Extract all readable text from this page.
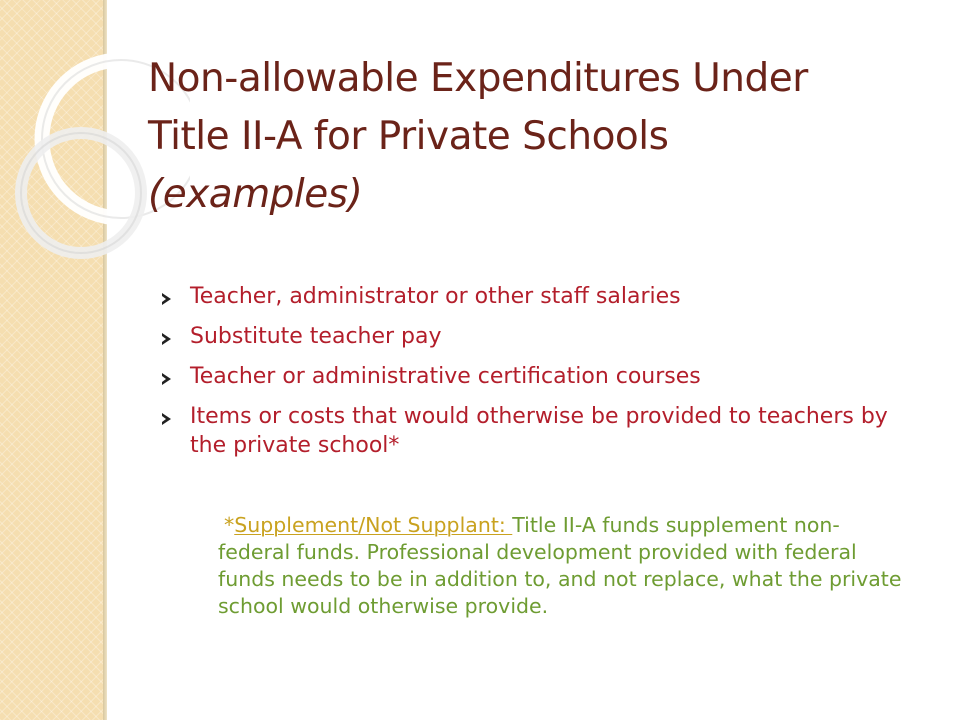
Non-allowable Expenditures Under Title II-A for Private Schools (examples)
Teacher, administrator or other staff salaries
Substitute teacher pay
Teacher or administrative certification courses
Items or costs that would otherwise be provided to teachers by the private school*

*Supplement/Not Supplant: Title II-A funds supplement non-federal funds. Professional development provided with federal funds needs to be in addition to, and not replace, what the private school would otherwise provide.
